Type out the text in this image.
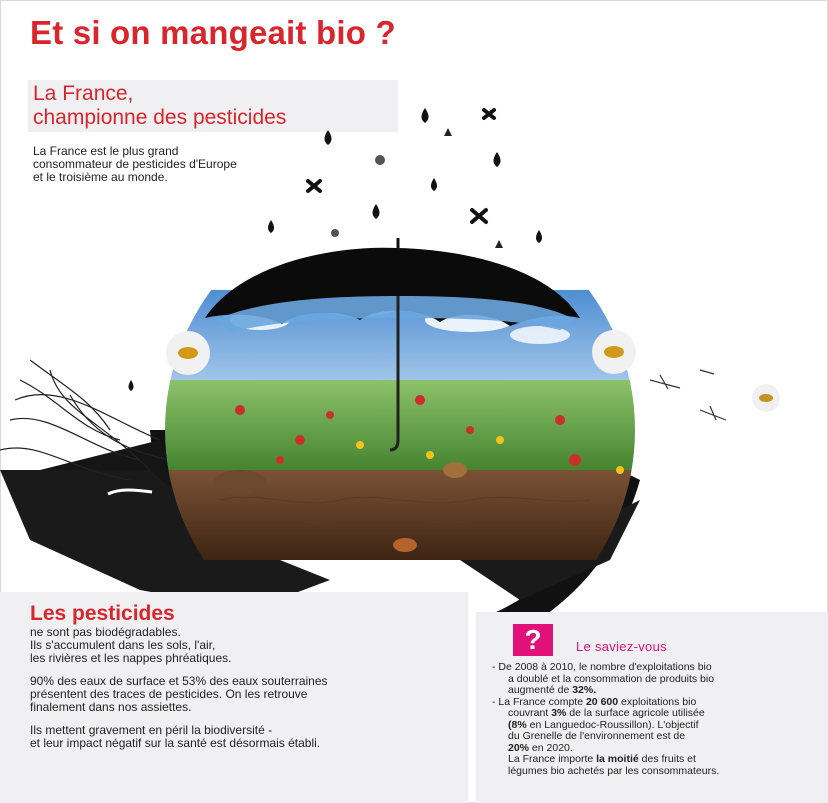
Et si on mangeait bio ?
La France,
championne des pesticides
La France est le plus grand
consommateur de pesticides d'Europe
et le troisième au monde.
Les pesticides

ne sont pas biodégradables.
Ils s'accumulent dans les sols, l'air,
les rivières et les nappes phréatiques.

90% des eaux de surface et 53% des eaux souterraines
présentent des traces de pesticides. On les retrouve
finalement dans nos assiettes.

Ils mettent gravement en péril la biodiversité -
et leur impact négatif sur la santé est désormais établi.

?	Le saviez-vous
- De 2008 à 2010, le nombre d'exploitations bio
a doublé et la consommation de produits bio
augmenté de 32%.
- La France compte 20 600 exploitations bio
couvrant 3% de la surface agricole utilisée
(8% en Languedoc-Roussillon). L'objectif
du Grenelle de l'environnement est de
20% en 2020.
La France importe la moitié des fruits et
légumes bio achetés par les consommateurs.
